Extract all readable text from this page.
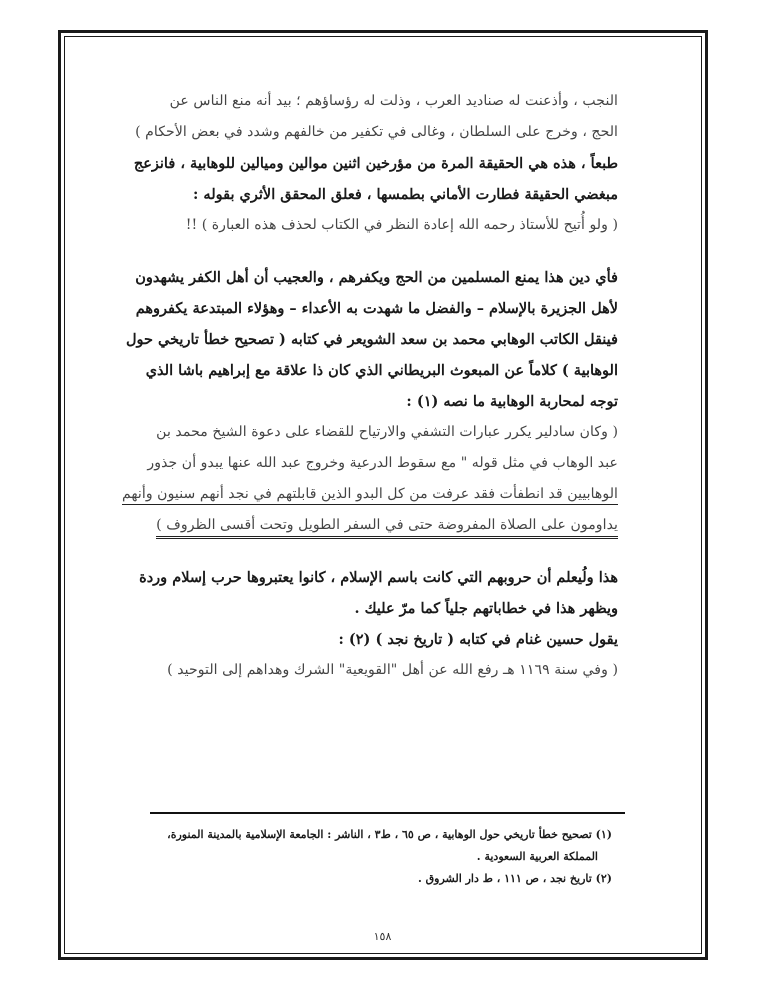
النجب ، وأذعنت له صناديد العرب ، وذلت له رؤساؤهم ؛ بيد أنه منع الناس عن
الحج ، وخرج على السلطان ، وغالى في تكفير من خالفهم وشدد في بعض الأحكام )
طبعاً ، هذه هي الحقيقة المرة من مؤرخين اثنين موالين وميالين للوهابية ، فانزعج
مبغضي الحقيقة فطارت الأماني بطمسها ، فعلق المحقق الأثري بقوله :
( ولو أُتيح للأستاذ رحمه الله إعادة النظر في الكتاب لحذف هذه العبارة ) !!
فأي دين هذا يمنع المسلمين من الحج ويكفرهم ، والعجيب أن أهل الكفر يشهدون
لأهل الجزيرة بالإسلام – والفضل ما شهدت به الأعداء – وهؤلاء المبتدعة يكفروهم
فينقل الكاتب الوهابي محمد بن سعد الشويعر في كتابه ( تصحيح خطأ تاريخي حول
الوهابية ) كلاماً عن المبعوث البريطاني الذي كان ذا علاقة مع إبراهيم باشا الذي
توجه لمحاربة الوهابية ما نصه (١) :
( وكان سادلير يكرر عبارات التشفي والارتياح للقضاء على دعوة الشيخ محمد بن
عبد الوهاب في مثل قوله " مع سقوط الدرعية وخروج عبد الله عنها يبدو أن جذور
الوهابيين قد انطفأت فقد عرفت من كل البدو الذين قابلتهم في نجد أنهم سنيون وأنهم
يداومون على الصلاة المفروضة حتى في السفر الطويل وتحت أقسى الظروف )
هذا ولُيعلم أن حروبهم التي كانت باسم الإسلام ، كانوا يعتبروها حرب إسلام وردة
ويظهر هذا في خطاباتهم جلياً كما مرّ عليك .
يقول حسين غنام في كتابه ( تاريخ نجد ) (٢) :
( وفي سنة ١١٦٩ هـ رفع الله عن أهل "القويعية" الشرك وهداهم إلى التوحيد )
(١) تصحيح خطأ تاريخي حول الوهابية ، ص ٦٥ ، ط٣ ، الناشر : الجامعة الإسلامية بالمدينة المنورة،
المملكة العربية السعودية .
(٢) تاريخ نجد ، ص ١١١ ، ط دار الشروق .
١٥٨
